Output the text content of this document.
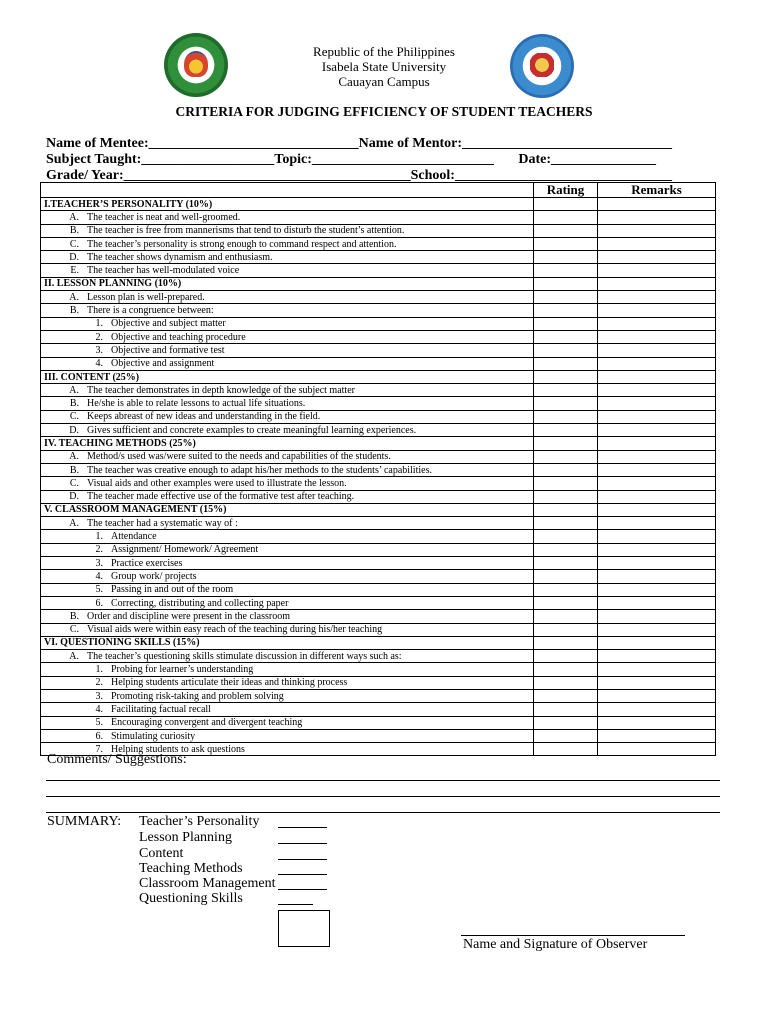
Republic of the Philippines
Isabela State University
Cauayan Campus
CRITERIA FOR JUDGING EFFICIENCY OF STUDENT TEACHERS
Name of Mentee:______________________________Name of Mentor:______________________________
Subject Taught:___________________Topic:__________________________       Date:_______________
Grade/ Year:_________________________________________School:_______________________________
	Rating	Remarks
I.TEACHER’S PERSONALITY (10%)		
A. The teacher is neat and well-groomed.		
B. The teacher is free from mannerisms that tend to disturb the student’s attention.		
C. The teacher’s personality is strong enough to command respect and attention.		
D. The teacher shows dynamism and enthusiasm.		
E. The teacher has well-modulated voice		
II. LESSON PLANNING (10%)		
A. Lesson plan is well-prepared.		
B. There is a congruence between:		
1. Objective and subject matter		
2. Objective and teaching procedure		
3. Objective and formative test		
4. Objective and assignment		
III. CONTENT (25%)		
A. The teacher demonstrates in depth knowledge of the subject matter		
B. He/she is able to relate lessons to actual life situations.		
C. Keeps abreast of new ideas and understanding in the field.		
D. Gives sufficient and concrete examples to create meaningful learning experiences.		
IV. TEACHING METHODS (25%)		
A. Method/s used was/were suited to the needs and capabilities of the students.		
B. The teacher was creative enough to adapt his/her methods to the students’ capabilities.		
C. Visual aids and other examples were used to illustrate the lesson.		
D. The teacher made effective use of the formative test after teaching.		
V. CLASSROOM MANAGEMENT (15%)		
A. The teacher had a systematic way of :		
1. Attendance		
2. Assignment/ Homework/ Agreement		
3. Practice exercises		
4. Group work/ projects		
5. Passing in and out of the room		
6. Correcting, distributing and collecting paper		
B. Order and discipline were present in the classroom		
C. Visual aids were within easy reach of the teaching during his/her teaching		
VI. QUESTIONING SKILLS (15%)		
A. The teacher’s questioning skills stimulate discussion in different ways such as:		
1. Probing for learner’s understanding		
2. Helping students articulate their ideas and thinking process		
3. Promoting risk-taking and problem solving		
4. Facilitating factual recall		
5. Encouraging convergent and divergent teaching		
6. Stimulating curiosity		
7. Helping students to ask questions		
Comments/ Suggestions:
SUMMARY: Teacher’s Personality
Lesson Planning
Content
Teaching Methods
Classroom Management
Questioning Skills
Name and Signature of Observer
